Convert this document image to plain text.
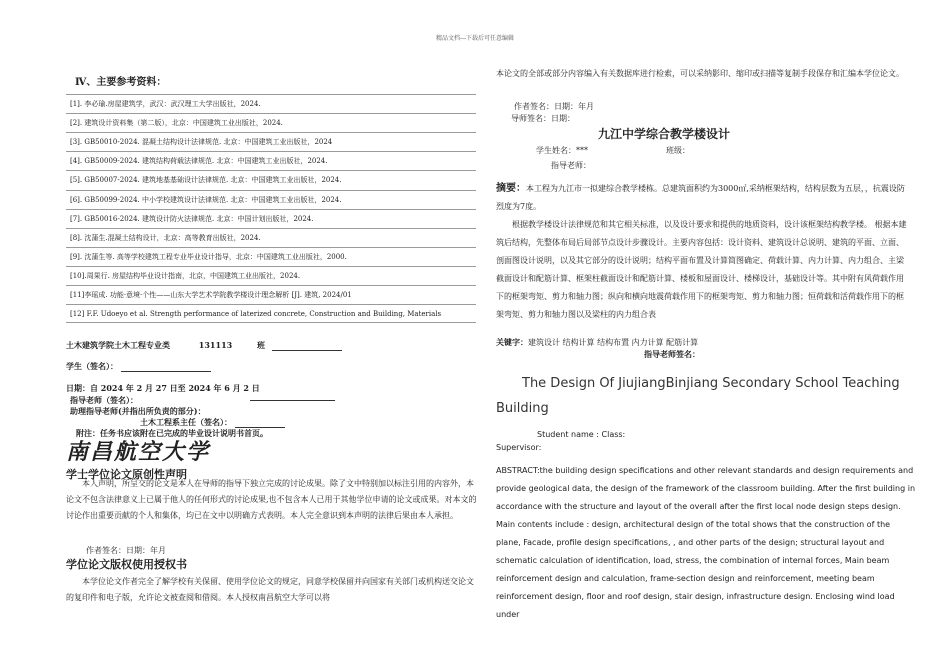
精品文档---下载后可任意编辑
Ⅳ、主要参考资料：
[1]. 李必瑜.房屋建筑学，武汉：武汉理工大学出版社，2024.
[2]. 建筑设计资料集（第二版），北京：中国建筑工业出版社，2024.
[3]. GB50010-2024. 混凝土结构设计法律规范. 北京：中国建筑工业出版社，2024
[4]. GB50009-2024. 建筑结构荷载法律规范. 北京：中国建筑工业出版社，2024.
[5]. GB50007-2024. 建筑地基基础设计法律规范. 北京：中国建筑工业出版社，2024.
[6]. GB50099-2024. 中小学校建筑设计法律规范. 北京：中国建筑工业出版社，2024.
[7]. GB50016-2024. 建筑设计防火法律规范. 北京：中国计划出版社，2024.
[8]. 沈蒲生.混凝土结构设计，北京：高等教育出版社，2024.
[9]. 沈蒲生等. 高等学校建筑工程专业毕业设计指导，北京：中国建筑工业出版社，2000.
[10].周果行. 房屋结构毕业设计指南，北京，中国建筑工业出版社，2024.
[11]李瑶成. 功能·意境·个性——山东大学艺术学院教学楼设计理念解析 [J]. 建筑, 2024/01
[12] F.F. Udoeyo et al. Strength performance of laterized concrete, Construction and Building, Materials
土木建筑学院土木工程专业类	131113	班
学生（签名）：
日期：自 2024 年 2 月 27 日至 2024 年 6 月 2 日
指导老师（签名）：
助理指导老师(并指出所负责的部分)：
土木工程系主任（签名）：
附注：任务书应该附在已完成的毕业设计说明书首页。
南昌航空大学
学士学位论文原创性声明
本人声明，所呈交的论文是本人在导师的指导下独立完成的讨论成果。除了文中特别加以标注引用的内容外，本论文不包含法律意义上已属于他人的任何形式的讨论成果,也不包含本人已用于其他学位申请的论文或成果。对本文的讨论作出重要贡献的个人和集体，均已在文中以明确方式表明。本人完全意识到本声明的法律后果由本人承担。
作者签名：日期：年月
学位论文版权使用授权书
本学位论文作者完全了解学校有关保留、使用学位论文的规定，同意学校保留并向国家有关部门或机构送交论文的复印件和电子版，允许论文被查阅和借阅。本人授权南昌航空大学可以将
本论文的全部或部分内容编入有关数据库进行检索，可以采纳影印、缩印或扫描等复制手段保存和汇编本学位论文。
作者签名：日期：年月
导师签名：日期：
九江中学综合教学楼设计
学生姓名：***	班级：
指导老师：
摘要：本工程为九江市一拟建综合教学楼栋。总建筑面积约为3000㎡,采纳框架结构，结构层数为五层，，抗震设防烈度为7度。
根据教学楼设计法律规范和其它相关标准，以及设计要求和提供的地质资料，设计该框架结构教学楼。 根据本建筑后结构，先整体布局后局部节点设计步骤设计。主要内容包括：设计资料、建筑设计总说明、建筑的平面、立面、剖面图设计说明，以及其它部分的设计说明；结构平面布置及计算简图确定、荷载计算、内力计算、内力组合、主梁截面设计和配筋计算、框架柱截面设计和配筋计算、楼板和屋面设计、楼梯设计，基础设计等。其中附有风荷载作用下的框架弯矩、剪力和轴力图；纵向和横向地震荷载作用下的框架弯矩、剪力和轴力图；恒荷载和活荷载作用下的框架弯矩、剪力和轴力图以及梁柱的内力组合表
关键字：建筑设计 结构计算 结构布置 内力计算 配筋计算
指导老师签名：
The Design Of JiujiangBinjiang Secondary School Teaching Building
Student name : Class:
Supervisor:
ABSTRACT:the building design specifications and other relevant standards and design requirements and provide geological data, the design of the framework of the classroom building. After the first building in accordance with the structure and layout of the overall after the first local node design steps design. Main contents include : design, architectural design of the total shows that the construction of the plane, Facade, profile design specifications, , and other parts of the design; structural layout and schematic calculation of identification, load, stress, the combination of internal forces, Main beam reinforcement design and calculation, frame-section design and reinforcement, meeting beam reinforcement design, floor and roof design, stair design, infrastructure design. Enclosing wind load under
